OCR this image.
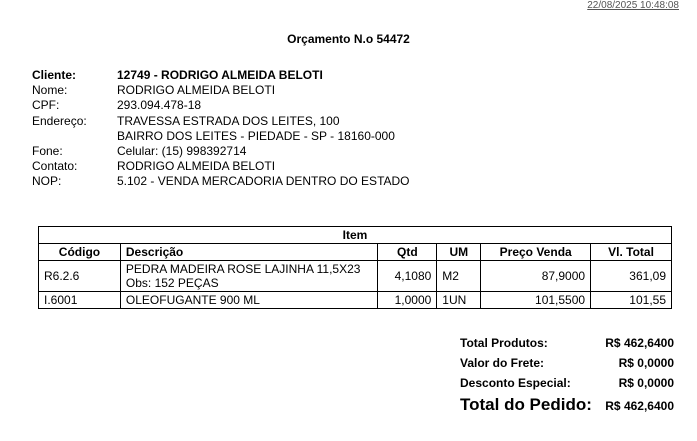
22/08/2025 10:48:08
Orçamento N.o 54472
Cliente:	12749 - RODRIGO ALMEIDA BELOTI
Nome:	RODRIGO ALMEIDA BELOTI
CPF:	293.094.478-18
Endereço:	TRAVESSA ESTRADA DOS LEITES, 100
BAIRRO DOS LEITES - PIEDADE - SP - 18160-000
Fone:	Celular: (15) 998392714
Contato:	RODRIGO ALMEIDA BELOTI
NOP:	5.102 - VENDA MERCADORIA DENTRO DO ESTADO
Item					
Código	Descrição	Qtd	UM	Preço Venda	Vl. Total
R6.2.6	PEDRA MADEIRA ROSE LAJINHA 11,5X23
Obs: 152 PEÇAS	4,1080	M2	87,9000	361,09
I.6001	OLEOFUGANTE 900 ML	1,0000	1UN	101,5500	101,55
Total Produtos:	R$ 462,6400
Valor do Frete:	R$ 0,0000
Desconto Especial:	R$ 0,0000
Total do Pedido: R$ 462,6400
